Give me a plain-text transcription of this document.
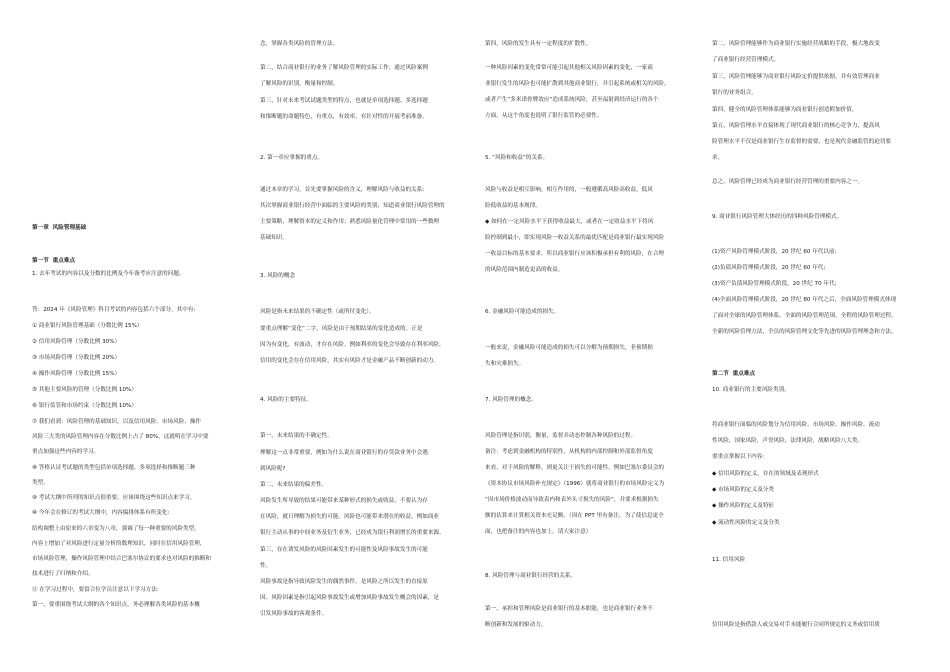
第一章  风险管理基础

第一节  重点难点

1. 去年考试的内容以及分数的比例及今年备考应注意的问题。

答：2024 年《风险管理》科目考试的内容包括六个部分，其中有:

① 商业银行风险管理基础（分数比例 15%）

② 信用风险管理（分数比例 30%）

③ 市场风险管理（分数比例 20%）

④ 操作风险管理（分数比例 15%）

⑤ 其他主要风险的管理（分数比例 10%）

⑥ 银行监管和市场约束（分数比例 10%）

⑦ 我们看到：风险管理的基础知识，以及信用风险、市场风险、操作

风险三大类的风险管理内容在分数比例上占了 80%，这就明在学习中要

重点加强这些内容的学习。

⑧ 答格认证考试题的类型包括单项选择题、多项选择和推断题三种

类型。

⑨ 考试大纲中所列的知识点很重要，应该围绕这些知识点来学习。

⑩ 今年会在修订的考试大纲中，内容编排体系有所变化:

结构调整上由原来的六章变为八章，强调了每一种重要的风险类型。

内容上增加了对风险进行定量分析的数理知识，同时在信用风险管理，

市场风险管理，操作风险管理中结合巴塞尔协议的要求也对风险的推断和

技术进行了归纳和介绍。

⑪ 在学习过程中，要留合位学员注意以下学习方法:

第一，要重围绕考试大纲的各个知识点，务必理解各类风险的基本概

念，掌握各类风险的管理方法。

第二，结合商业银行的业务了解风险管理的实际工作，通过风险案例

了解风险的识别，衡量和控制。

第三，针对未来考试试题类型的特点，也就是单项选择题、多选择题

和推断题的命题特色，有重点，有效率，有针对性的开展考前准备。

2. 第一章应掌握的重点。

通过本章的学习，首先要掌握风险的含义，理解风险与收益的关系;

其次掌握商业银行经营中面临的主要风险的类别；知道商业银行风险管理的

主要策略，理解资本的定义和作用；熟悉风险量化管理中常用的一些数理

基础知识。

3. 风险的概念

风险是指未来结果的不确定性（或所付变化）。

要重点理解“变化”二字，风险是由于预期结果的变化造成的。正是

因为有变化，有波动，才存在风险。例如利率的变化会导致存在利率风险，

信用的变化会存在信用风险，其实有风险才是金融产品不断创新的动力。

4. 风险的主要特征。

第一，未来结果的不确定性。

理解这一点非常重要，例如为什么说在商业银行的存贷款业务中会遇

到风险呢?

第二，未来结果的偏差性。

风险发生所导致的结果可能带来某种形式的损失或收益，不要认为存

在风险，就只理解为损失的可能。风险也可能带来潜在的收益，例如商业

银行主动从事的中间业务及衍生业务，已经成为银行利润增长的重要来源。

第三，存在诱发风险的风险因素发生的可能性及风险事故发生的可能

性。

风险事故是指导致风险发生的偶然事件，是风险之所以发生的直接原

因；风险因素是指引起风险事故发生或增加风险事故发生概会的因素，是

引发风险事故的客观条件。

第四，风险的发生具有一定程度的扩散性。

一种风险因素的变化常常可能引起其他相关风险因素的变化，一家商

业银行发生的风险也可能扩散到其他商业银行，并引起系统或相关的风险，

或者产生“多米诺骨牌效应”造成系统风险，甚至福射到经济运行的各个

方面。从这个角度也说明了银行监管的必要性。

5. “风险和收益”的关系。

风险与收益是相互影响，相互作用的，一般遵循高风险高收益，低风

险低收益的基本规律。

◆ 如何在一定风险水平下获得收益最大，或者在一定收益水平下将风

险控制到最小，即实现风险一收益关系的最优匹配是商业银行最实现风险

一收益目标的基本要求。所以商业银行应该积极承担有利的风险，在合理

的风险范围内制造更高的收益。

6. 金融风险可能造成的损失。

一般来说，金融风险可能造成的损失可以分解为预期损失，非预期损

失和灾难损失。

7. 风险管理的概念。

风险管理是指识别，衡量，监督并动态控制各种风险的过程。

备注：考虑到金融机构的特别性，从机构的内部控制和外部监督角度

来看，对于风险的解释，则更关注于损失的可能性。例如巴塞尔委员会的

《资本协议市场风险补充规定》（1996）就将商业银行的市场风险定义为

“因市场价格波动而导致表内和表外头寸损失的风险”，并要求根据损失

额的估算来计算相关资本充足额。（因在 PPT 里有备注，为了使信息更全

面，也把备注的内容也加上，请大家注意）

8. 风险管理与商业银行经营的关系。

第一，承担和管理风险是商业银行的基本职能，也是商业银行业务不

断创新和发展的驱动力。

第二，风险管理能够作为商业银行实施经营战略的手段，极大地改变

了商业银行经营管理模式。

第三，风险管理能够为商业银行风险定价提供依据，并有效管理商业

银行的业务组合。

第四，健全的风险管理体系能够为商业银行创造附加价值。

第五，风险管理水平直接体现了现代商业银行的核心竞争力，提高风

险管理水平不仅是商业银行生存监督的需要，也是现代金融监管的迫切要

求。

总之，风险管理已经成为商业银行经营管理的重要内容之一。

9. 商业银行风险管理大体经历的四种风险管理模式。

(1)资产风险管理模式阶段，20 世纪 60 年代以前;

(2)负债风险管理模式阶段，20 世纪 60 年代;

(3)资产负债风险管理模式阶段，20 世纪 70 年代;

(4)全面风险管理模式阶段，20 世纪 80 年代之后，全面风险管理模式体现

了面对全球的风险管理体系，全面的风险管理范围，全程的风险管理过程，

全新的风险管理方法，全员的风险管理文化等先进的风险管理理念和方法。

第二节  重点难点

10. 商业银行的主要风险类别。

将商业银行面临的风险划分为信用风险、市场风险、操作风险、流动

性风险，国家风险，声誉风险，法律风险，战略风险八大类。

要重点掌握以下内容:

◆ 信用风险的定义，存在的领域及表现形式

◆ 市场风险的定义及分类

◆ 操作风险的定义及特征

◆ 流动性风险的定义及分类

11. 信用风险

信用风险是指借款人或交易对手未能履行合同所规定的义务或信用质
